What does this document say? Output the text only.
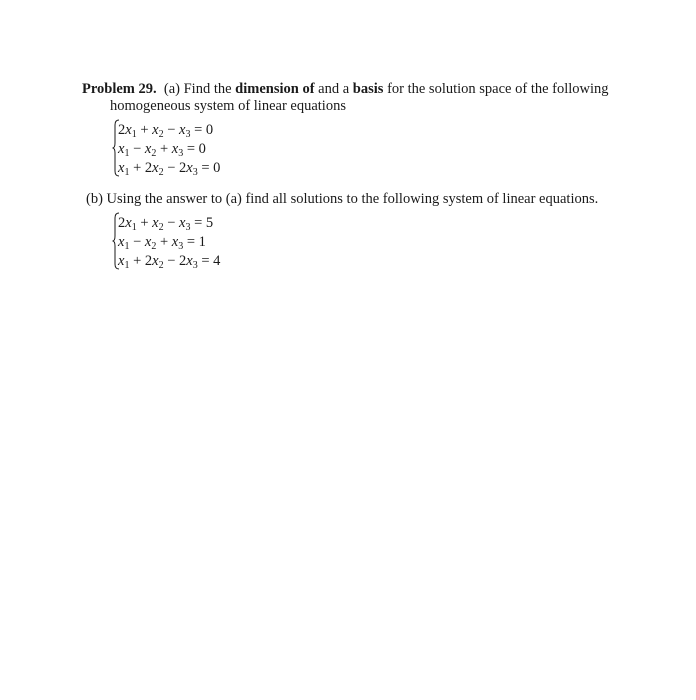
Problem 29. (a) Find the dimension of and a basis for the solution space of the following
homogeneous system of linear equations
$2x_1 + x_2 - x_3 = 0$
$x_1 - x_2 + x_3 = 0$
$x_1 + 2x_2 - 2x_3 = 0$
(b) Using the answer to (a) find all solutions to the following system of linear equations.
$2x_1 + x_2 - x_3 = 5$
$x_1 - x_2 + x_3 = 1$
$x_1 + 2x_2 - 2x_3 = 4$
